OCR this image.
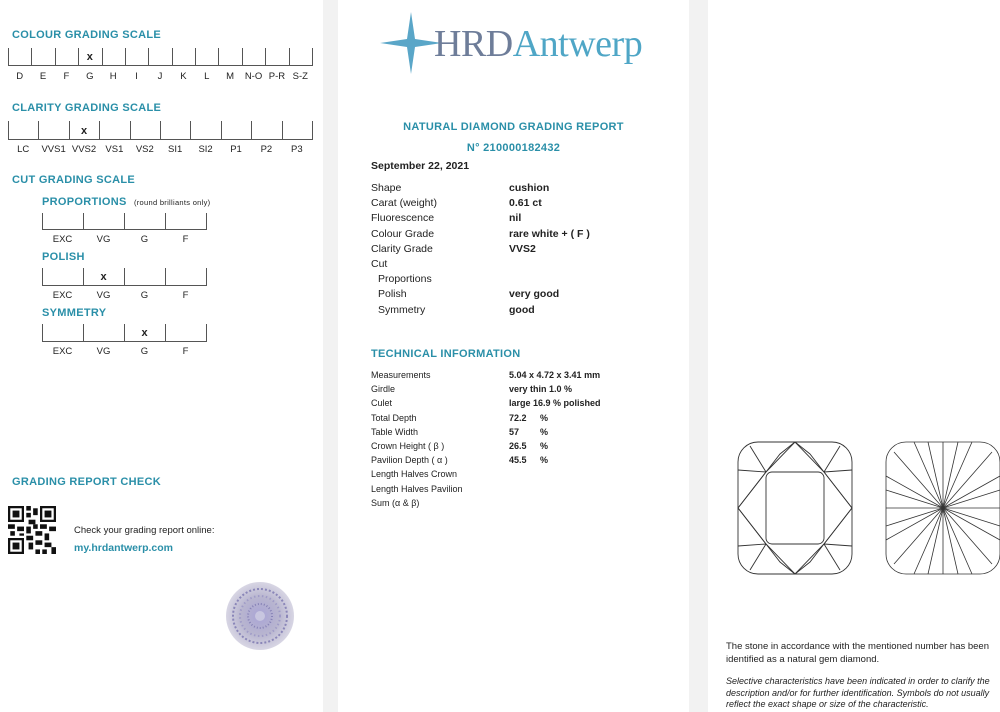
COLOUR GRADING SCALE
D E F G H I J K L M N-O P-R S-Z
x
CLARITY GRADING SCALE
LC VVS1 VVS2 VS1 VS2 SI1 SI2 P1 P2 P3
x
CUT GRADING SCALE
PROPORTIONS (round brilliants only)
EXC	VG	G	F
POLISH
EXC	VG	G	F
x
SYMMETRY
EXC	VG	G	F
x
GRADING REPORT CHECK
Check your grading report online:
my.hrdantwerp.com
HRDAntwerp
NATURAL DIAMOND GRADING REPORT
N° 210000182432
September 22, 2021
Shape	cushion
Carat (weight)	0.61 ct
Fluorescence	nil
Colour Grade	rare white + ( F )
Clarity Grade	VVS2
Cut
Proportions
Polish	very good
Symmetry	good
TECHNICAL INFORMATION
Measurements	5.04 x 4.72 x 3.41 mm
Girdle	very thin 1.0 %
Culet	large 16.9 % polished
Total Depth	72.2 %
Table Width	57 %
Crown Height ( β )	26.5 %
Pavilion Depth ( α )	45.5 %
Length Halves Crown
Length Halves Pavilion
Sum (α & β)
The stone in accordance with the mentioned number has been identified as a natural gem diamond.
Selective characteristics have been indicated in order to clarify the description and/or for further identification. Symbols do not usually reflect the exact shape or size of the characteristic.
